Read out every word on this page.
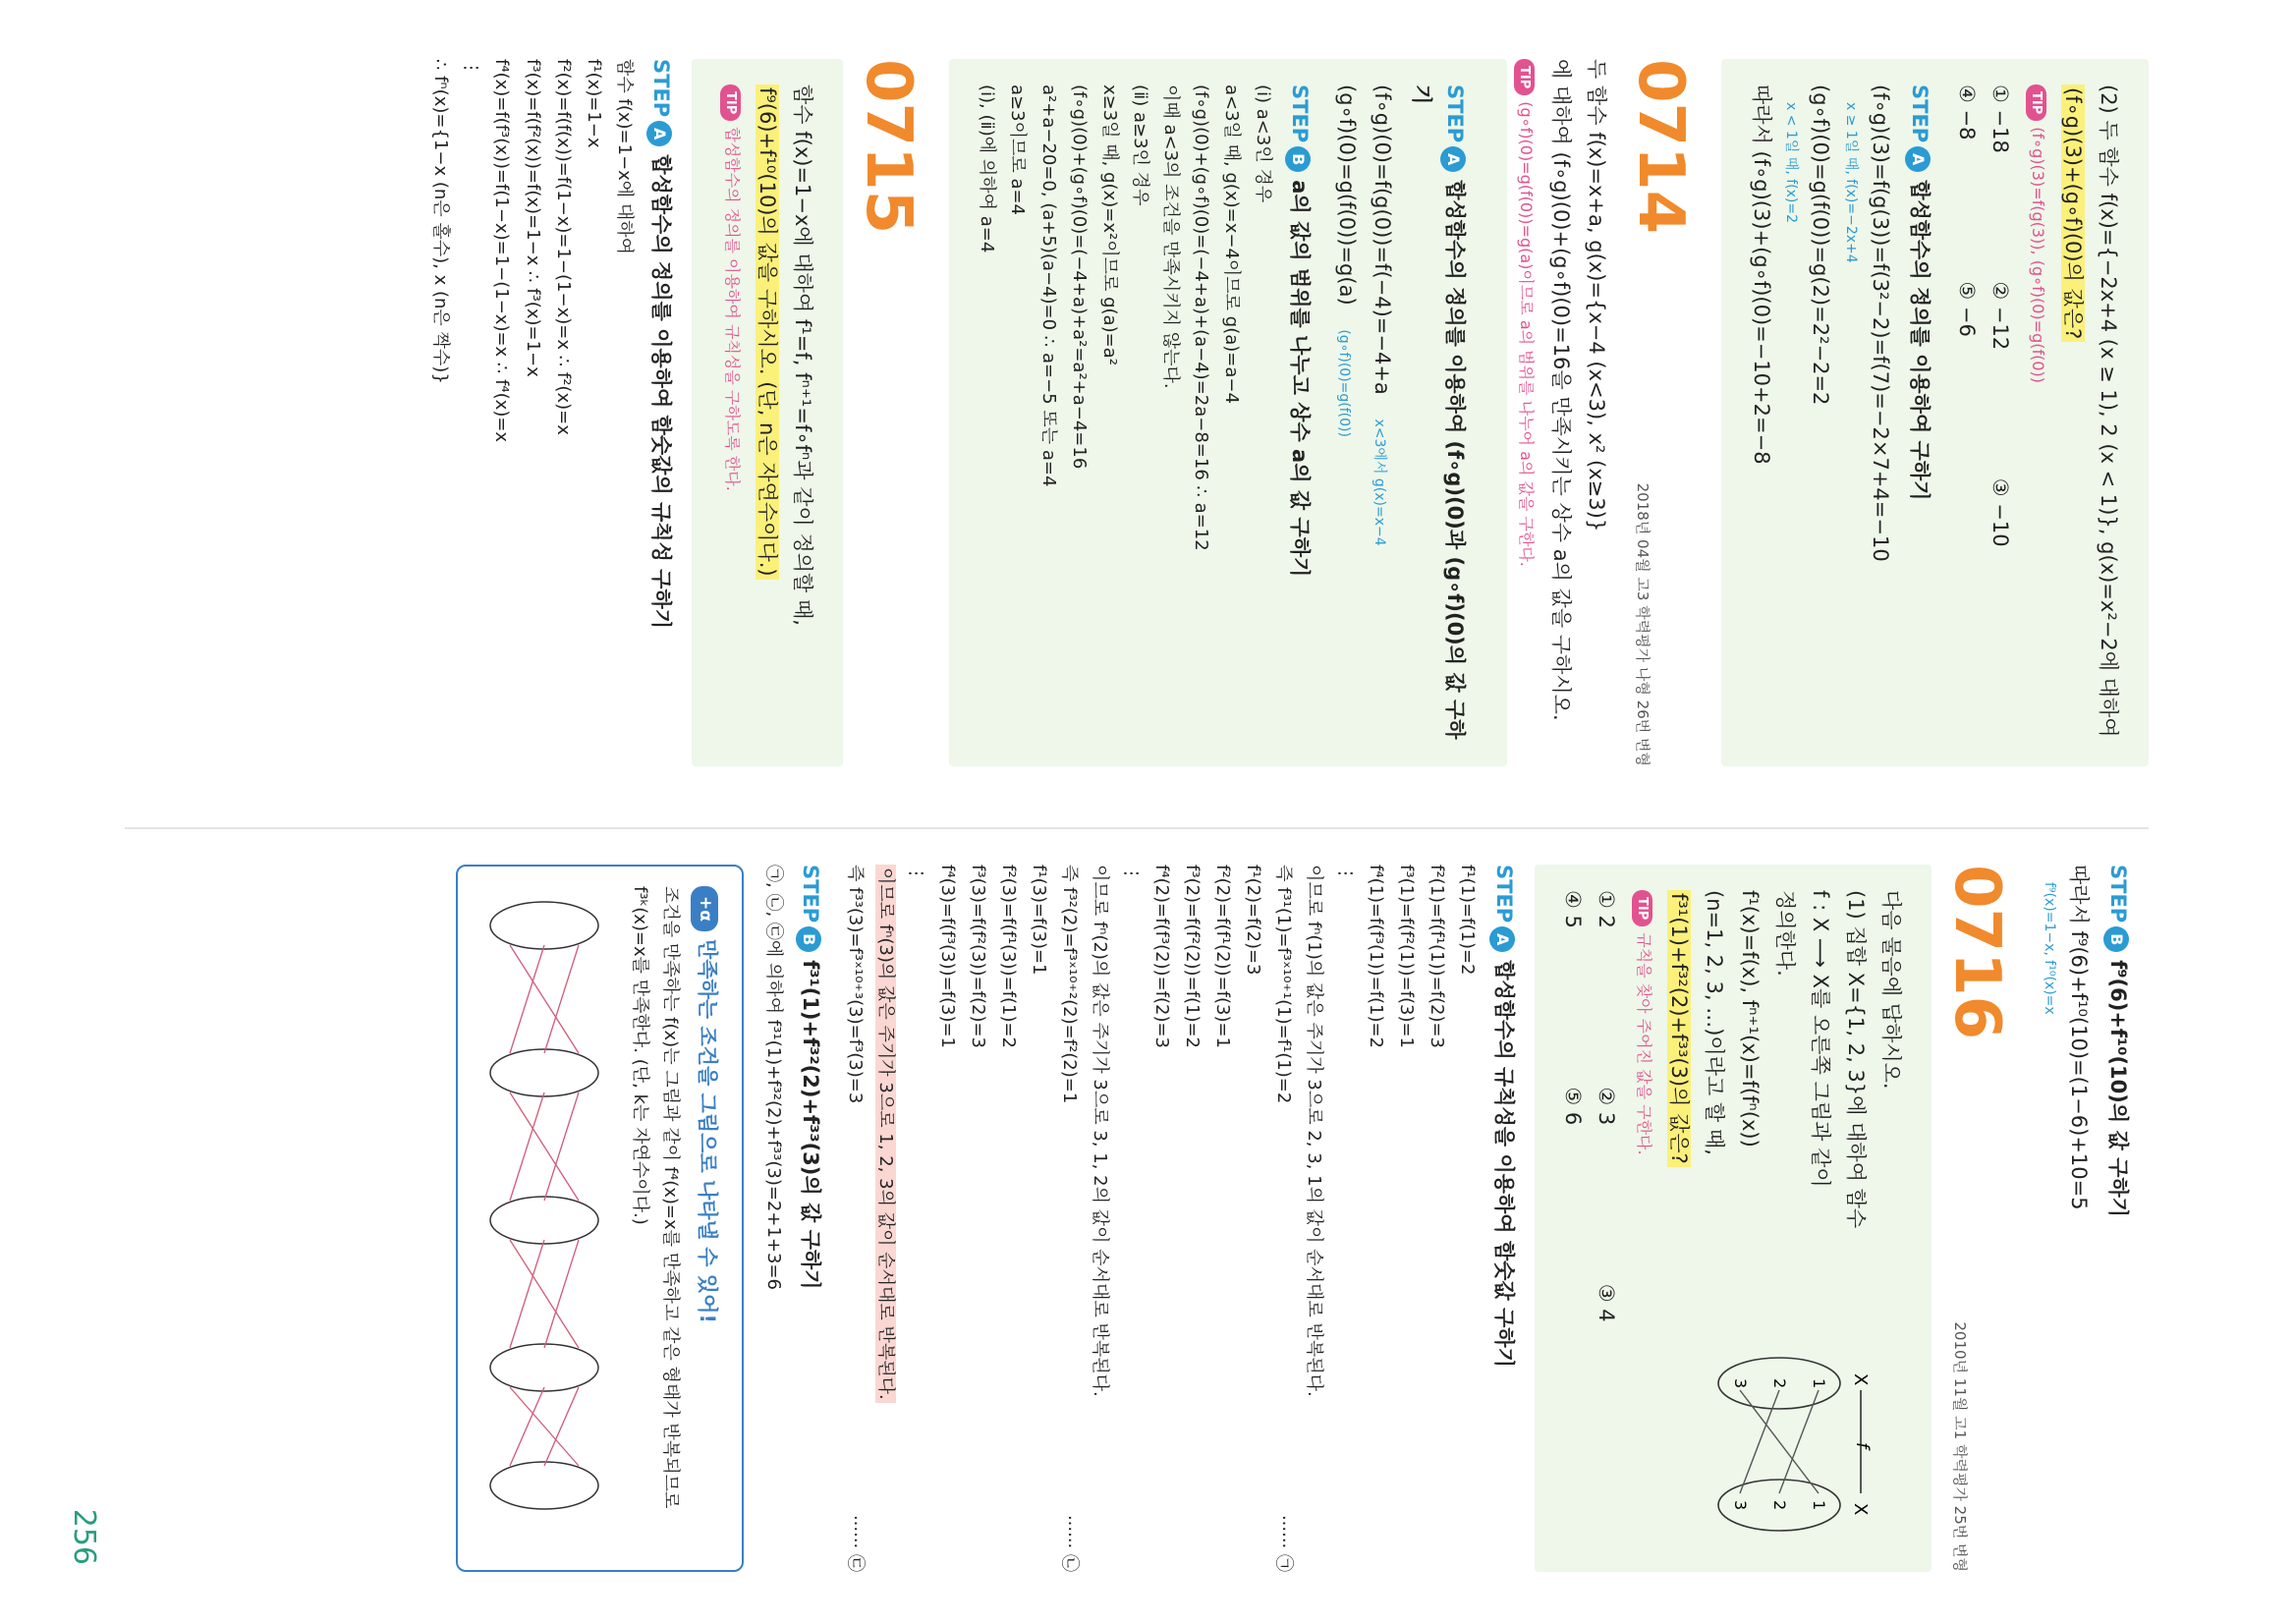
(2) 두 함수 f(x)={−2x+4 (x ≥ 1), 2 (x < 1)}, g(x)=x²−2에 대하여
(f∘g)(3)+(g∘f)(0)의 값은?
TIP(f∘g)(3)=f(g(3)), (g∘f)(0)=g(f(0))
① −18
② −12
③ −10
④ −8
⑤ −6
STEPA합성함수의 정의를 이용하여 구하기
(f∘g)(3)=f(g(3))=f(3²−2)=f(7)=−2×7+4=−10
x ≥ 1일 때, f(x)=−2x+4
(g∘f)(0)=g(f(0))=g(2)=2²−2=2
x < 1일 때, f(x)=2
따라서 (f∘g)(3)+(g∘f)(0)=−10+2=−8
0714
2018년 04월 고3 학력평가 나형 26번 변형
두 함수 f(x)=x+a, g(x)={x−4 (x<3), x² (x≥3)}
에 대하여 (f∘g)(0)+(g∘f)(0)=16을 만족시키는 상수 a의 값을 구하시오.
TIP(g∘f)(0)=g(f(0))=g(a)이므로 a의 범위를 나누어 a의 값을 구한다.
STEPA합성함수의 정의를 이용하여 (f∘g)(0)과 (g∘f)(0)의 값 구하기
(f∘g)(0)=f(g(0))=f(−4)=−4+a x<3에서 g(x)=x−4
(g∘f)(0)=g(f(0))=g(a) (g∘f)(0)=g(f(0))
STEPBa의 값의 범위를 나누고 상수 a의 값 구하기
(ⅰ) a<3인 경우
a<3일 때, g(x)=x−4이므로 g(a)=a−4
(f∘g)(0)+(g∘f)(0)=(−4+a)+(a−4)=2a−8=16 ∴ a=12
이때 a<3의 조건을 만족시키지 않는다.
(ⅱ) a≥3인 경우
x≥3일 때, g(x)=x²이므로 g(a)=a²
(f∘g)(0)+(g∘f)(0)=(−4+a)+a²=a²+a−4=16
a²+a−20=0, (a+5)(a−4)=0 ∴ a=−5 또는 a=4
a≥3이므로 a=4
(ⅰ), (ⅱ)에 의하여 a=4
0715
함수 f(x)=1−x에 대하여 f¹=f, fⁿ⁺¹=f∘fⁿ과 같이 정의할 때,
f⁹(6)+f¹⁰(10)의 값을 구하시오. (단, n은 자연수이다.)
TIP합성함수의 정의를 이용하여 규칙성을 구하도록 한다.
STEPA합성함수의 정의를 이용하여 함숫값의 규칙성 구하기
함수 f(x)=1−x에 대하여
f¹(x)=1−x
f²(x)=f(f(x))=f(1−x)=1−(1−x)=x ∴ f²(x)=x
f³(x)=f(f²(x))=f(x)=1−x ∴ f³(x)=1−x
f⁴(x)=f(f³(x))=f(1−x)=1−(1−x)=x ∴ f⁴(x)=x
⋮
∴ fⁿ(x)={1−x (n은 홀수), x (n은 짝수)}
STEPBf⁹(6)+f¹⁰(10)의 값 구하기
따라서 f⁹(6)+f¹⁰(10)=(1−6)+10=5
f⁹(x)=1−x, f¹⁰(x)=x
0716
2010년 11월 고1 학력평가 25번 변형
다음 물음에 답하시오.
(1) 집합 X={1, 2, 3}에 대하여 함수
f : X ⟶ X를 오른쪽 그림과 같이
정의한다.
f¹(x)=f(x), fⁿ⁺¹(x)=f(fⁿ(x))
(n=1, 2, 3, …)이라고 할 때,
f³¹(1)+f³²(2)+f³³(3)의 값은?
TIP규칙을 찾아 주어진 값을 구한다.
① 2
② 3
③ 4
④ 5
⑤ 6
X
f
X
1
2
3
1
2
3
STEPA합성함수의 규칙성을 이용하여 함숫값 구하기
f¹(1)=f(1)=2
f²(1)=f(f¹(1))=f(2)=3
f³(1)=f(f²(1))=f(3)=1
f⁴(1)=f(f³(1))=f(1)=2
⋮
이므로 fⁿ(1)의 값은 주기가 3으로 2, 3, 1의 값이 순서대로 반복된다.
즉 f³¹(1)=f³ˣ¹⁰⁺¹(1)=f¹(1)=2
······ ㉠
f¹(2)=f(2)=3
f²(2)=f(f¹(2))=f(3)=1
f³(2)=f(f²(2))=f(1)=2
f⁴(2)=f(f³(2))=f(2)=3
⋮
이므로 fⁿ(2)의 값은 주기가 3으로 3, 1, 2의 값이 순서대로 반복된다.
즉 f³²(2)=f³ˣ¹⁰⁺²(2)=f²(2)=1
······ ㉡
f¹(3)=f(3)=1
f²(3)=f(f¹(3))=f(1)=2
f³(3)=f(f²(3))=f(2)=3
f⁴(3)=f(f³(3))=f(3)=1
⋮
이므로 fⁿ(3)의 값은 주기가 3으로 1, 2, 3의 값이 순서대로 반복된다.
즉 f³³(3)=f³ˣ¹⁰⁺³(3)=f³(3)=3
······ ㉢
STEPBf³¹(1)+f³²(2)+f³³(3)의 값 구하기
㉠, ㉡, ㉢에 의하여 f³¹(1)+f³²(2)+f³³(3)=2+1+3=6
+α만족하는 조건을 그림으로 나타낼 수 있어!
조건을 만족하는 f(x)는 그림과 같이 f⁴(x)=x를 만족하고 같은 형태가 반복되므로
f³ᵏ(x)=x를 만족한다. (단, k는 자연수이다.)
256
